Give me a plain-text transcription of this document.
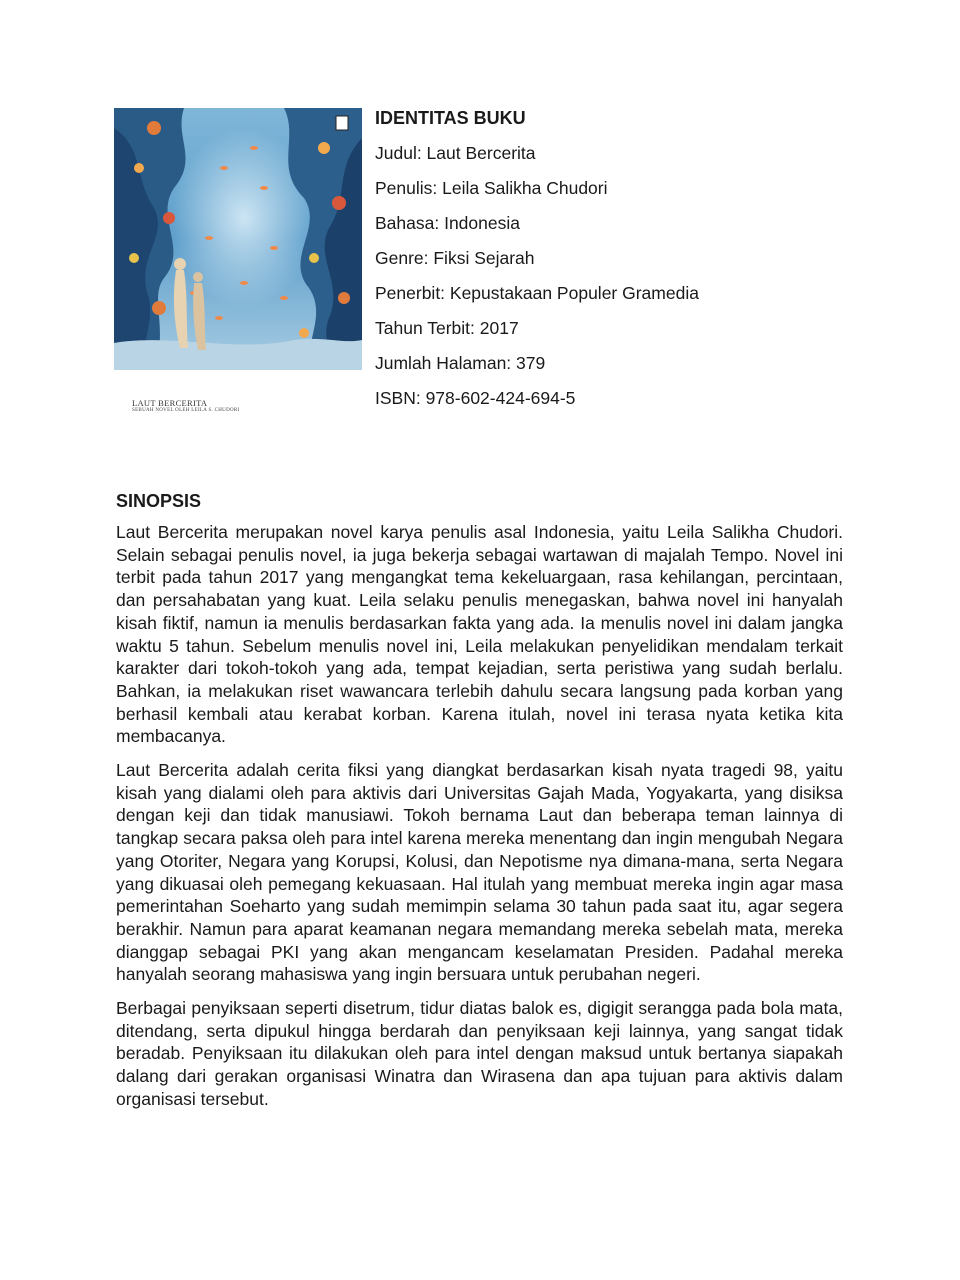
LAUT BERCERITA
SEBUAH NOVEL OLEH LEILA S. CHUDORI
IDENTITAS BUKU
Judul: Laut Bercerita
Penulis: Leila Salikha Chudori
Bahasa: Indonesia
Genre: Fiksi Sejarah
Penerbit: Kepustakaan Populer Gramedia
Tahun Terbit: 2017
Jumlah Halaman: 379
ISBN: 978-602-424-694-5
SINOPSIS

Laut Bercerita merupakan novel karya penulis asal Indonesia, yaitu Leila Salikha Chudori. Selain sebagai penulis novel, ia juga bekerja sebagai wartawan di majalah Tempo. Novel ini terbit pada tahun 2017 yang mengangkat tema kekeluargaan, rasa kehilangan, percintaan, dan persahabatan yang kuat. Leila selaku penulis menegaskan, bahwa novel ini hanyalah kisah fiktif, namun ia menulis berdasarkan fakta yang ada. Ia menulis novel ini dalam jangka waktu 5 tahun. Sebelum menulis novel ini, Leila melakukan penyelidikan mendalam terkait karakter dari tokoh-tokoh yang ada, tempat kejadian, serta peristiwa yang sudah berlalu. Bahkan, ia melakukan riset wawancara terlebih dahulu secara langsung pada korban yang berhasil kembali atau kerabat korban. Karena itulah, novel ini terasa nyata ketika kita membacanya.

Laut Bercerita adalah cerita fiksi yang diangkat berdasarkan kisah nyata tragedi 98, yaitu kisah yang dialami oleh para aktivis dari Universitas Gajah Mada, Yogyakarta, yang disiksa dengan keji dan tidak manusiawi. Tokoh bernama Laut dan beberapa teman lainnya di tangkap secara paksa oleh para intel karena mereka menentang dan ingin mengubah Negara yang Otoriter, Negara yang Korupsi, Kolusi, dan Nepotisme nya dimana-mana, serta Negara yang dikuasai oleh pemegang kekuasaan. Hal itulah yang membuat mereka ingin agar masa pemerintahan Soeharto yang sudah memimpin selama 30 tahun pada saat itu, agar segera berakhir. Namun para aparat keamanan negara memandang mereka sebelah mata, mereka dianggap sebagai PKI yang akan mengancam keselamatan Presiden. Padahal mereka hanyalah seorang mahasiswa yang ingin bersuara untuk perubahan negeri.

Berbagai penyiksaan seperti disetrum, tidur diatas balok es, digigit serangga pada bola mata, ditendang, serta dipukul hingga berdarah dan penyiksaan keji lainnya, yang sangat tidak beradab. Penyiksaan itu dilakukan oleh para intel dengan maksud untuk bertanya siapakah dalang dari gerakan organisasi Winatra dan Wirasena dan apa tujuan para aktivis dalam organisasi tersebut.
